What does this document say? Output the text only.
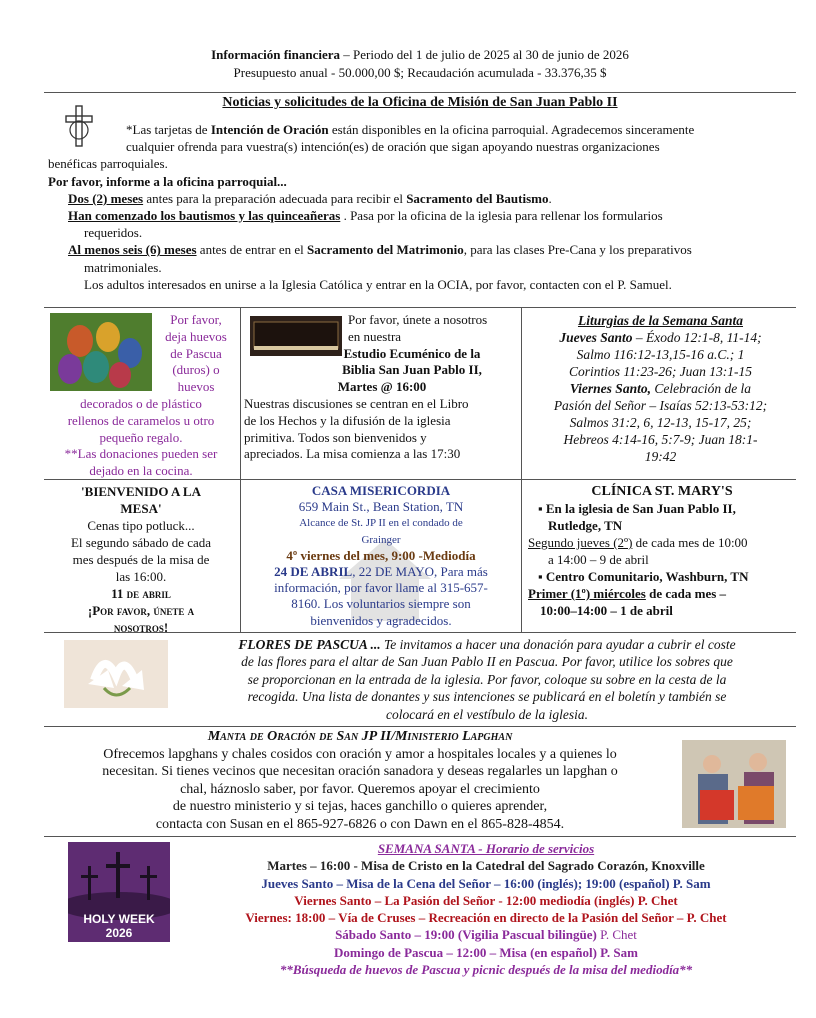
Información financiera – Periodo del 1 de julio de 2025 al 30 de junio de 2026

Presupuesto anual - 50.000,00 $; Recaudación acumulada - 33.376,35 $

Noticias y solicitudes de la Oficina de Misión de San Juan Pablo II

*Las tarjetas de Intención de Oración están disponibles en la oficina parroquial. Agradecemos sinceramente

cualquier ofrenda para vuestra(s) intención(es) de oración que sigan apoyando nuestras organizaciones

benéficas parroquiales.

Por favor, informe a la oficina parroquial...

Dos (2) meses antes para la preparación adecuada para recibir el Sacramento del Bautismo.

Han comenzado los bautismos y las quinceañeras . Pasa por la oficina de la iglesia para rellenar los formularios

requeridos.

Al menos seis (6) meses antes de entrar en el Sacramento del Matrimonio, para las clases Pre-Cana y los preparativos

matrimoniales.

Los adultos interesados en unirse a la Iglesia Católica y entrar en la OCIA, por favor, contacten con el P. Samuel.

Por favor,

deja huevos

de Pascua

(duros) o

huevos

decorados o de plástico

rellenos de caramelos u otro

pequeño regalo.

**Las donaciones pueden ser

dejado en la cocina.

Por favor, únete a nosotros

en nuestra

Estudio Ecuménico de la

Biblia San Juan Pablo II,

Martes @ 16:00

Nuestras discusiones se centran en el Libro

de los Hechos y la difusión de la iglesia

primitiva. Todos son bienvenidos y

apreciados. La misa comienza a las 17:30

Liturgias de la Semana Santa

Jueves Santo – Éxodo 12:1-8, 11-14;

Salmo 116:12-13,15-16 a.C.; 1

Corintios 11:23-26; Juan 13:1-15

Viernes Santo, Celebración de la

Pasión del Señor – Isaías 52:13-53:12;

Salmos 31:2, 6, 12-13, 15-17, 25;

Hebreos 4:14-16, 5:7-9; Juan 18:1-

19:42

'BIENVENIDO A LA

MESA'

Cenas tipo potluck...

El segundo sábado de cada

mes después de la misa de

las 16:00.

11 de abril

¡Por favor, únete a

nosotros!

CASA MISERICORDIA

659 Main St., Bean Station, TN

Alcance de St. JP II en el condado de

Grainger

4º viernes del mes, 9:00 -Mediodía

24 DE ABRIL, 22 DE MAYO, Para más

información, por favor llame al 315-657-

8160. Los voluntarios siempre son

bienvenidos y agradecidos.

CLÍNICA ST. MARY'S

▪ En la iglesia de San Juan Pablo II,

Rutledge, TN

Segundo jueves (2º) de cada mes de 10:00

a 14:00 – 9 de abril

▪ Centro Comunitario, Washburn, TN

Primer (1º) miércoles de cada mes –

10:00–14:00 – 1 de abril

FLORES DE PASCUA ... Te invitamos a hacer una donación para ayudar a cubrir el coste

de las flores para el altar de San Juan Pablo II en Pascua. Por favor, utilice los sobres que

se proporcionan en la entrada de la iglesia. Por favor, coloque su sobre en la cesta de la

recogida. Una lista de donantes y sus intenciones se publicará en el boletín y también se

colocará en el vestíbulo de la iglesia.

Manta de Oración de San JP II/Ministerio Lapghan

Ofrecemos lapghans y chales cosidos con oración y amor a hospitales locales y a quienes lo

necesitan. Si tienes vecinos que necesitan oración sanadora y deseas regalarles un lapghan o

chal, háznoslo saber, por favor. Queremos apoyar el crecimiento

de nuestro ministerio y si tejas, haces ganchillo o quieres aprender,

contacta con Susan en el 865-927-6826 o con Dawn en el 865-828-4854.

HOLY WEEK

2026

SEMANA SANTA - Horario de servicios

Martes – 16:00 - Misa de Cristo en la Catedral del Sagrado Corazón, Knoxville

Jueves Santo – Misa de la Cena del Señor – 16:00 (inglés); 19:00 (español) P. Sam

Viernes Santo – La Pasión del Señor - 12:00 mediodía (inglés) P. Chet

Viernes: 18:00 – Vía de Cruses – Recreación en directo de la Pasión del Señor – P. Chet

Sábado Santo – 19:00 (Vigilia Pascual bilingüe) P. Chet

Domingo de Pascua – 12:00 – Misa (en español) P. Sam

**Búsqueda de huevos de Pascua y picnic después de la misa del mediodía**
